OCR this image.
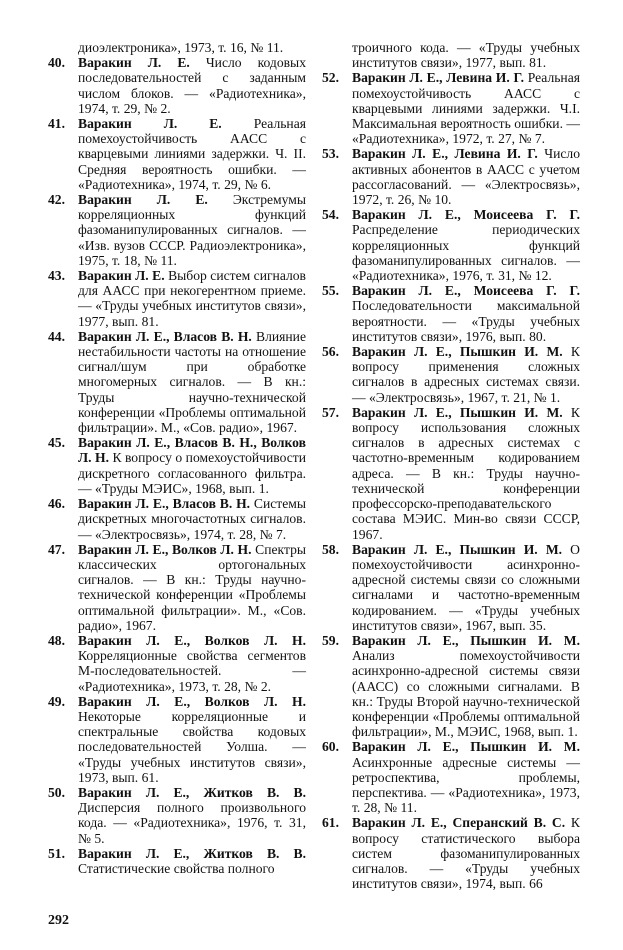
диоэлектроника», 1973, т. 16, № 11.
40. Варакин Л. Е. Число кодовых последовательностей с заданным числом блоков. — «Радиотехника», 1974, т. 29, № 2.
41. Варакин Л. Е. Реальная помехоустойчивость ААСС с кварцевыми линиями задержки. Ч. II. Средняя вероятность ошибки. — «Радиотехника», 1974, т. 29, № 6.
42. Варакин Л. Е. Экстремумы корреляционных функций фазоманипулированных сигналов. — «Изв. вузов СССР. Радиоэлектроника», 1975, т. 18, № 11.
43. Варакин Л. Е. Выбор систем сигналов для ААСС при некогерентном приеме. — «Труды учебных институтов связи», 1977, вып. 81.
44. Варакин Л. Е., Власов В. Н. Влияние нестабильности частоты на отношение сигнал/шум при обработке многомерных сигналов. — В кн.: Труды научно-технической конференции «Проблемы оптимальной фильтрации». М., «Сов. радио», 1967.
45. Варакин Л. Е., Власов В. Н., Волков Л. Н. К вопросу о помехоустойчивости дискретного согласованного фильтра. — «Труды МЭИС», 1968, вып. 1.
46. Варакин Л. Е., Власов В. Н. Системы дискретных многочастотных сигналов. — «Электросвязь», 1974, т. 28, № 7.
47. Варакин Л. Е., Волков Л. Н. Спектры классических ортогональных сигналов. — В кн.: Труды научно-технической конференции «Проблемы оптимальной фильтрации». М., «Сов. радио», 1967.
48. Варакин Л. Е., Волков Л. Н. Корреляционные свойства сегментов М-последовательностей. — «Радиотехника», 1973, т. 28, № 2.
49. Варакин Л. Е., Волков Л. Н. Некоторые корреляционные и спектральные свойства кодовых последовательностей Уолша. — «Труды учебных институтов связи», 1973, вып. 61.
50. Варакин Л. Е., Житков В. В. Дисперсия полного произвольного кода. — «Радиотехника», 1976, т. 31, № 5.
51. Варакин Л. Е., Житков В. В. Статистические свойства полного
троичного кода. — «Труды учебных институтов связи», 1977, вып. 81.
52. Варакин Л. Е., Левина И. Г. Реальная помехоустойчивость ААСС с кварцевыми линиями задержки. Ч.I. Максимальная вероятность ошибки. — «Радиотехника», 1972, т. 27, № 7.
53. Варакин Л. Е., Левина И. Г. Число активных абонентов в ААСС с учетом рассогласований. — «Электросвязь», 1972, т. 26, № 10.
54. Варакин Л. Е., Моисеева Г. Г. Распределение периодических корреляционных функций фазоманипулированных сигналов. — «Радиотехника», 1976, т. 31, № 12.
55. Варакин Л. Е., Моисеева Г. Г. Последовательности максимальной вероятности. — «Труды учебных институтов связи», 1976, вып. 80.
56. Варакин Л. Е., Пышкин И. М. К вопросу применения сложных сигналов в адресных системах связи. — «Электросвязь», 1967, т. 21, № 1.
57. Варакин Л. Е., Пышкин И. М. К вопросу использования сложных сигналов в адресных системах с частотно-временным кодированием адреса. — В кн.: Труды научно-технической конференции профессорско-преподавательского состава МЭИС. Мин-во связи СССР, 1967.
58. Варакин Л. Е., Пышкин И. М. О помехоустойчивости асинхронно-адресной системы связи со сложными сигналами и частотно-временным кодированием. — «Труды учебных институтов связи», 1967, вып. 35.
59. Варакин Л. Е., Пышкин И. М. Анализ помехоустойчивости асинхронно-адресной системы связи (ААСС) со сложными сигналами. В кн.: Труды Второй научно-технической конференции «Проблемы оптимальной фильтрации», М., МЭИС, 1968, вып. 1.
60. Варакин Л. Е., Пышкин И. М. Асинхронные адресные системы — ретроспектива, проблемы, перспектива. — «Радиотехника», 1973, т. 28, № 11.
61. Варакин Л. Е., Сперанский В. С. К вопросу статистического выбора систем фазоманипулированных сигналов. — «Труды учебных институтов связи», 1974, вып. 66
292
